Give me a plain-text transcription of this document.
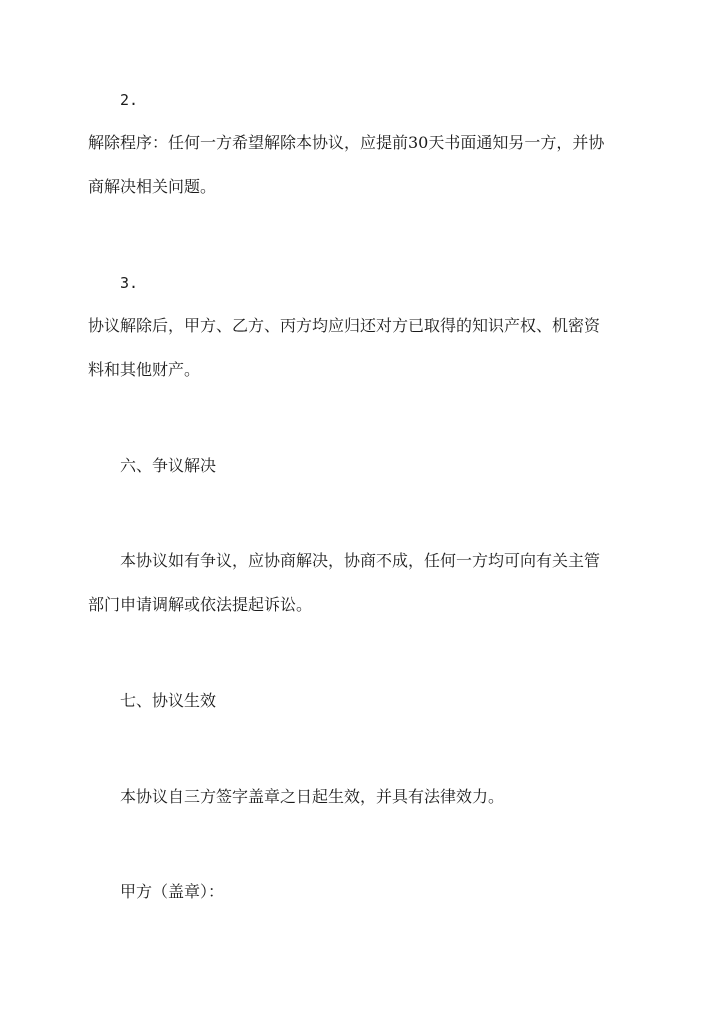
2.
解除程序：任何一方希望解除本协议，应提前30天书面通知另一方，并协
商解决相关问题。
3.
协议解除后，甲方、乙方、丙方均应归还对方已取得的知识产权、机密资
料和其他财产。
六、争议解决
本协议如有争议，应协商解决，协商不成，任何一方均可向有关主管
部门申请调解或依法提起诉讼。
七、协议生效
本协议自三方签字盖章之日起生效，并具有法律效力。
甲方（盖章）：
